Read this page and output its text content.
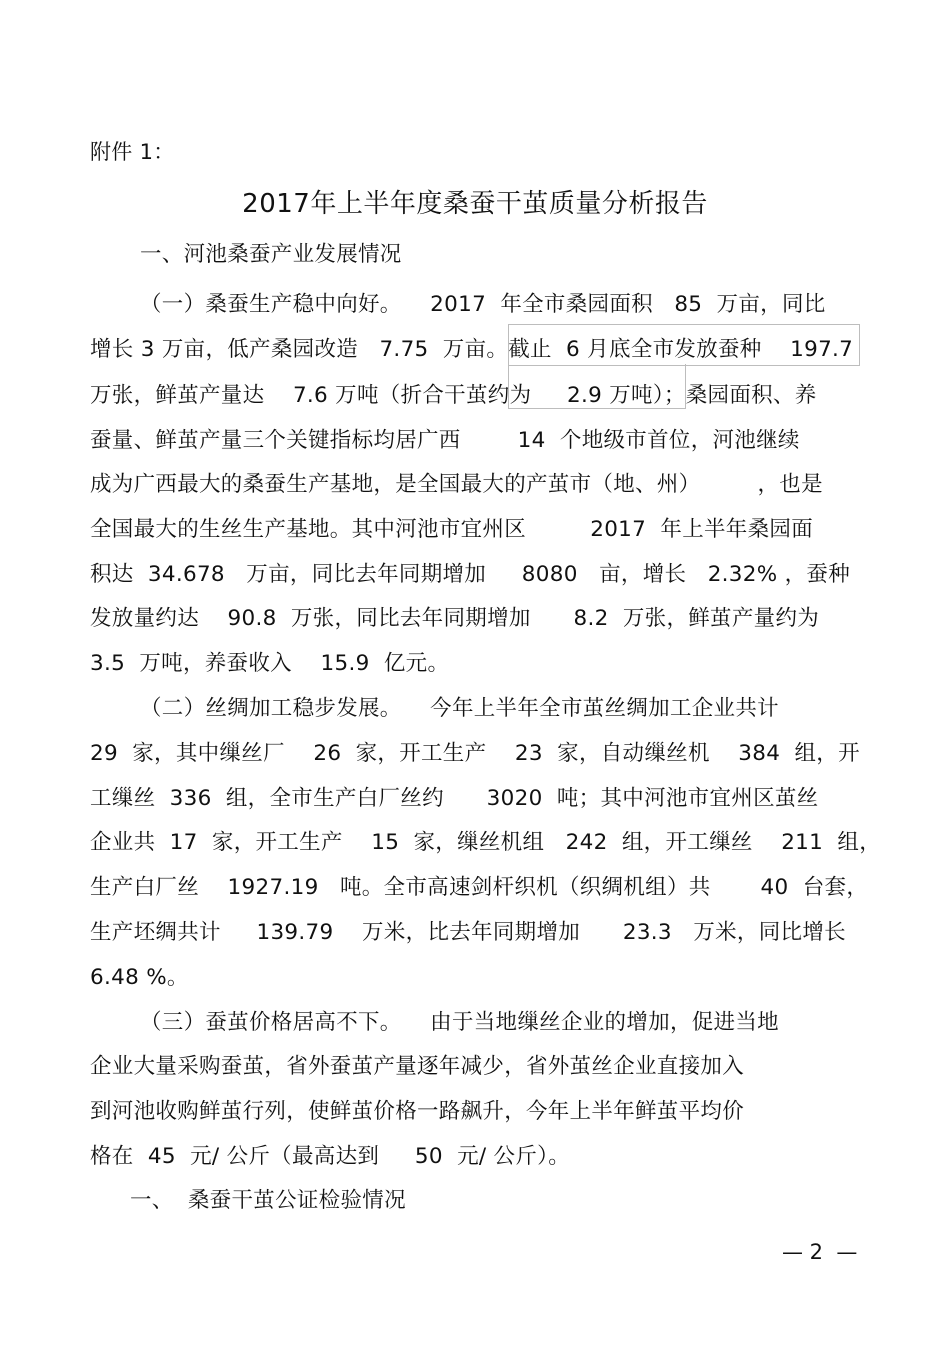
附件 1：
2017年上半年度桑蚕干茧质量分析报告
一、河池桑蚕产业发展情况
（一）桑蚕生产稳中向好。    2017  年全市桑园面积   85  万亩，同比
增长 3 万亩，低产桑园改造   7.75  万亩。截止  6 月底全市发放蚕种    197.7
万张，鲜茧产量达    7.6 万吨（折合干茧约为     2.9 万吨）；桑园面积、养
蚕量、鲜茧产量三个关键指标均居广西        14  个地级市首位，河池继续
成为广西最大的桑蚕生产基地，是全国最大的产茧市（地、州）        ，也是
全国最大的生丝生产基地。其中河池市宜州区         2017  年上半年桑园面
积达  34.678   万亩，同比去年同期增加     8080   亩，增长   2.32% ，蚕种
发放量约达    90.8  万张，同比去年同期增加      8.2  万张，鲜茧产量约为
3.5  万吨，养蚕收入    15.9  亿元。
（二）丝绸加工稳步发展。    今年上半年全市茧丝绸加工企业共计
29  家，其中缫丝厂    26  家，开工生产    23  家，自动缫丝机    384  组，开
工缫丝  336  组，全市生产白厂丝约      3020  吨；其中河池市宜州区茧丝
企业共  17  家，开工生产    15  家，缫丝机组   242  组，开工缫丝    211  组，
生产白厂丝    1927.19   吨。全市高速剑杆织机（织绸机组）共       40  台套，
生产坯绸共计     139.79    万米，比去年同期增加      23.3   万米，同比增长
6.48 %。
（三）蚕茧价格居高不下。    由于当地缫丝企业的增加，促进当地
企业大量采购蚕茧，省外蚕茧产量逐年减少，省外茧丝企业直接加入
到河池收购鲜茧行列，使鲜茧价格一路飙升，今年上半年鲜茧平均价
格在  45  元/ 公斤（最高达到     50  元/ 公斤）。
一、  桑蚕干茧公证检验情况
— 2  —
